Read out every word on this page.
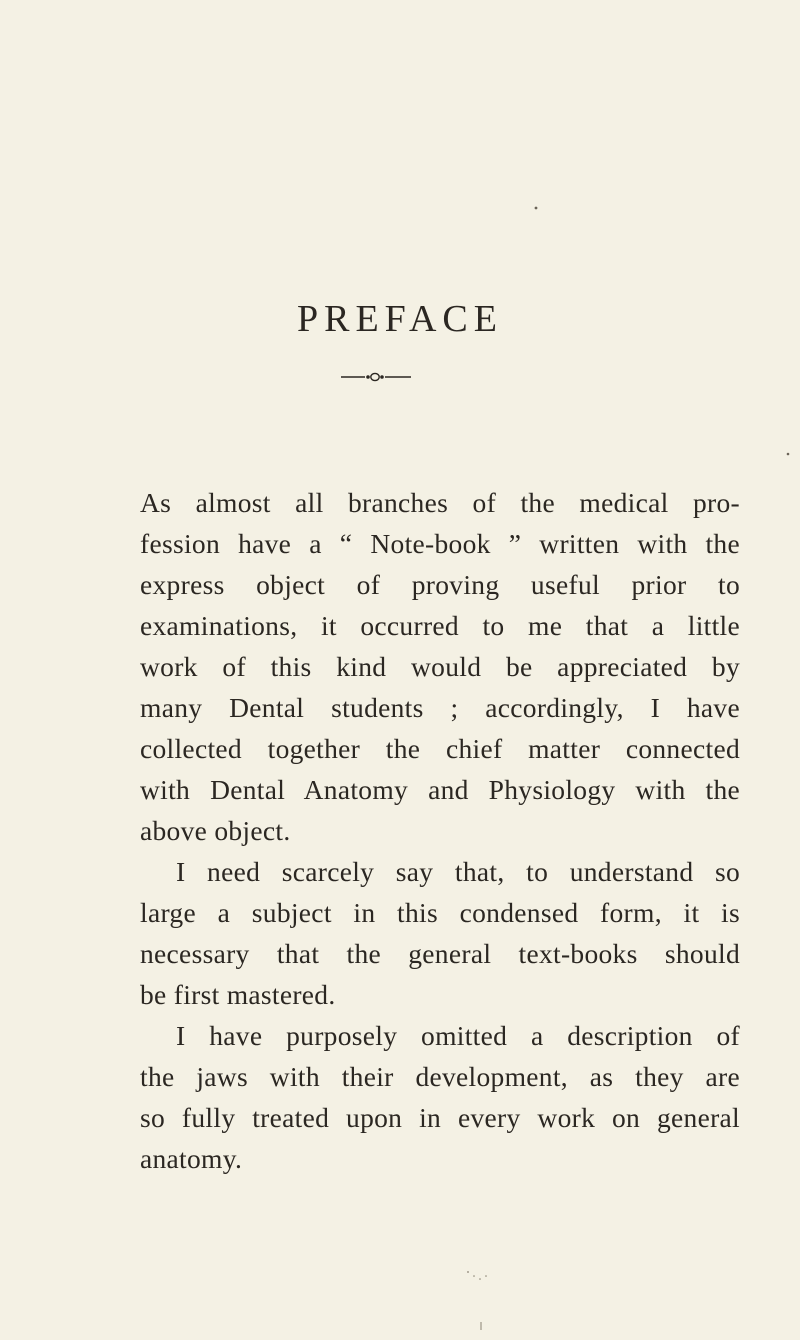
PREFACE

As almost all branches of the medical pro-
fession have a “ Note-book ” written with the
express object of proving useful prior to
examinations, it occurred to me that a little
work of this kind would be appreciated by
many Dental students ; accordingly, I have
collected together the chief matter connected
with Dental Anatomy and Physiology with the
above object.

I need scarcely say that, to understand so
large a subject in this condensed form, it is
necessary that the general text-books should
be first mastered.

I have purposely omitted a description of
the jaws with their development, as they are
so fully treated upon in every work on general
anatomy.
